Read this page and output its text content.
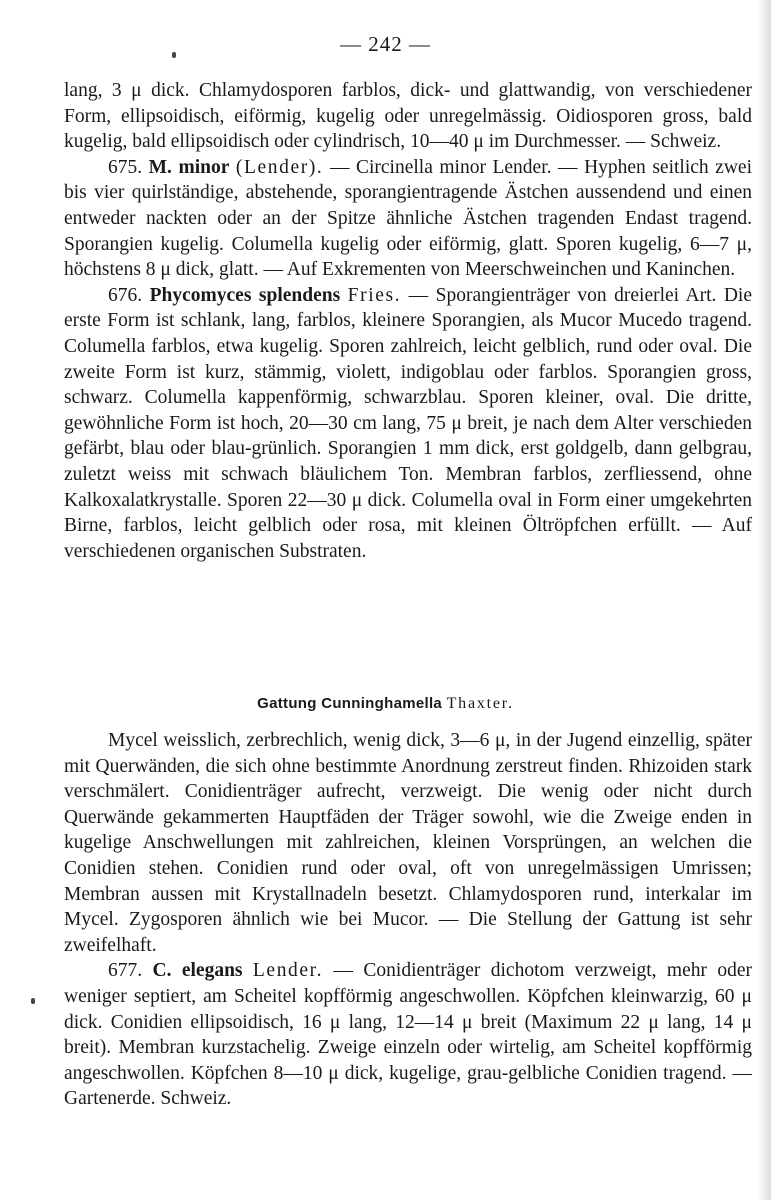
— 242 —

lang, 3 μ dick. Chlamydosporen farblos, dick- und glattwandig, von verschiedener Form, ellipsoidisch, eiförmig, kugelig oder unregelmässig. Oidiosporen gross, bald kugelig, bald ellipsoidisch oder cylindrisch, 10—40 μ im Durchmesser. — Schweiz.

675. M. minor (Lender). — Circinella minor Lender. — Hyphen seitlich zwei bis vier quirlständige, abstehende, sporangientragende Ästchen aussendend und einen entweder nackten oder an der Spitze ähnliche Ästchen tragenden Endast tragend. Sporangien kugelig. Columella kugelig oder eiförmig, glatt. Sporen kugelig, 6—7 μ, höchstens 8 μ dick, glatt. — Auf Exkrementen von Meerschweinchen und Kaninchen.

676. Phycomyces splendens Fries. — Sporangienträger von dreierlei Art. Die erste Form ist schlank, lang, farblos, kleinere Sporangien, als Mucor Mucedo tragend. Columella farblos, etwa kugelig. Sporen zahlreich, leicht gelblich, rund oder oval. Die zweite Form ist kurz, stämmig, violett, indigoblau oder farblos. Sporangien gross, schwarz. Columella kappenförmig, schwarzblau. Sporen kleiner, oval. Die dritte, gewöhnliche Form ist hoch, 20—30 cm lang, 75 μ breit, je nach dem Alter verschieden gefärbt, blau oder blau-grünlich. Sporangien 1 mm dick, erst goldgelb, dann gelbgrau, zuletzt weiss mit schwach bläulichem Ton. Membran farblos, zerfliessend, ohne Kalkoxalatkrystalle. Sporen 22—30 μ dick. Columella oval in Form einer umgekehrten Birne, farblos, leicht gelblich oder rosa, mit kleinen Öltröpfchen erfüllt. — Auf verschiedenen organischen Substraten.

Gattung Cunninghamella Thaxter.

Mycel weisslich, zerbrechlich, wenig dick, 3—6 μ, in der Jugend einzellig, später mit Querwänden, die sich ohne bestimmte Anordnung zerstreut finden. Rhizoiden stark verschmälert. Conidienträger aufrecht, verzweigt. Die wenig oder nicht durch Querwände gekammerten Hauptfäden der Träger sowohl, wie die Zweige enden in kugelige Anschwellungen mit zahlreichen, kleinen Vorsprüngen, an welchen die Conidien stehen. Conidien rund oder oval, oft von unregelmässigen Umrissen; Membran aussen mit Krystallnadeln besetzt. Chlamydosporen rund, interkalar im Mycel. Zygosporen ähnlich wie bei Mucor. — Die Stellung der Gattung ist sehr zweifelhaft.

677. C. elegans Lender. — Conidienträger dichotom verzweigt, mehr oder weniger septiert, am Scheitel kopfförmig angeschwollen. Köpfchen kleinwarzig, 60 μ dick. Conidien ellipsoidisch, 16 μ lang, 12—14 μ breit (Maximum 22 μ lang, 14 μ breit). Membran kurzstachelig. Zweige einzeln oder wirtelig, am Scheitel kopfförmig angeschwollen. Köpfchen 8—10 μ dick, kugelige, grau-gelbliche Conidien tragend. — Gartenerde. Schweiz.
